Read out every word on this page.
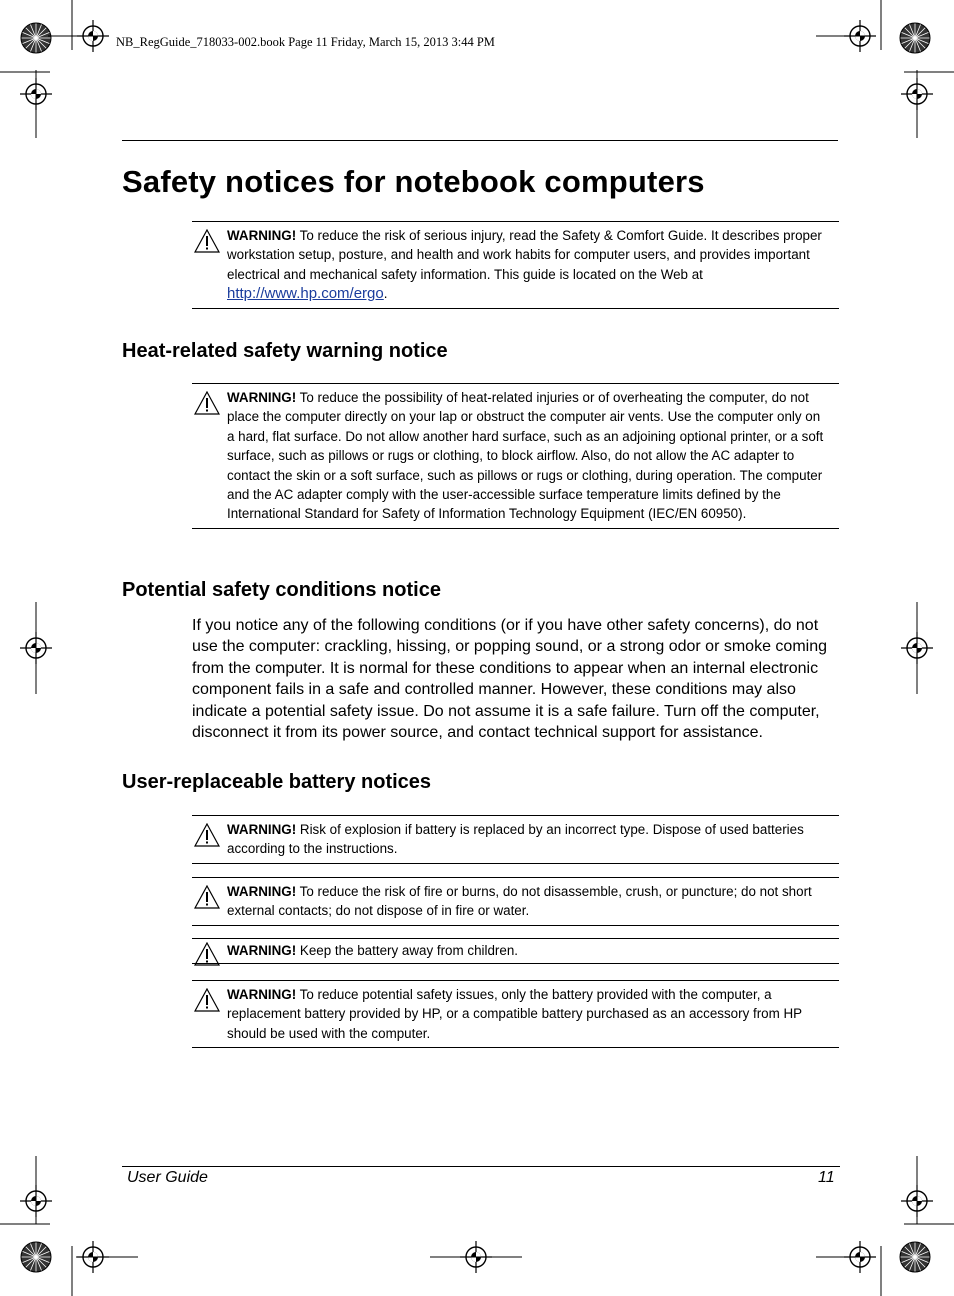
NB_RegGuide_718033-002.book Page 11 Friday, March 15, 2013 3:44 PM
Safety notices for notebook computers
WARNING! To reduce the risk of serious injury, read the Safety & Comfort Guide. It describes proper workstation setup, posture, and health and work habits for computer users, and provides important electrical and mechanical safety information. This guide is located on the Web at http://www.hp.com/ergo.
Heat-related safety warning notice
WARNING! To reduce the possibility of heat-related injuries or of overheating the computer, do not place the computer directly on your lap or obstruct the computer air vents. Use the computer only on a hard, flat surface. Do not allow another hard surface, such as an adjoining optional printer, or a soft surface, such as pillows or rugs or clothing, to block airflow. Also, do not allow the AC adapter to contact the skin or a soft surface, such as pillows or rugs or clothing, during operation. The computer and the AC adapter comply with the user-accessible surface temperature limits defined by the International Standard for Safety of Information Technology Equipment (IEC/EN 60950).
Potential safety conditions notice
If you notice any of the following conditions (or if you have other safety concerns), do not use the computer: crackling, hissing, or popping sound, or a strong odor or smoke coming from the computer. It is normal for these conditions to appear when an internal electronic component fails in a safe and controlled manner. However, these conditions may also indicate a potential safety issue. Do not assume it is a safe failure. Turn off the computer, disconnect it from its power source, and contact technical support for assistance.
User-replaceable battery notices
WARNING! Risk of explosion if battery is replaced by an incorrect type. Dispose of used batteries according to the instructions.
WARNING! To reduce the risk of fire or burns, do not disassemble, crush, or puncture; do not short external contacts; do not dispose of in fire or water.
WARNING! Keep the battery away from children.
WARNING! To reduce potential safety issues, only the battery provided with the computer, a replacement battery provided by HP, or a compatible battery purchased as an accessory from HP should be used with the computer.
User Guide	11
